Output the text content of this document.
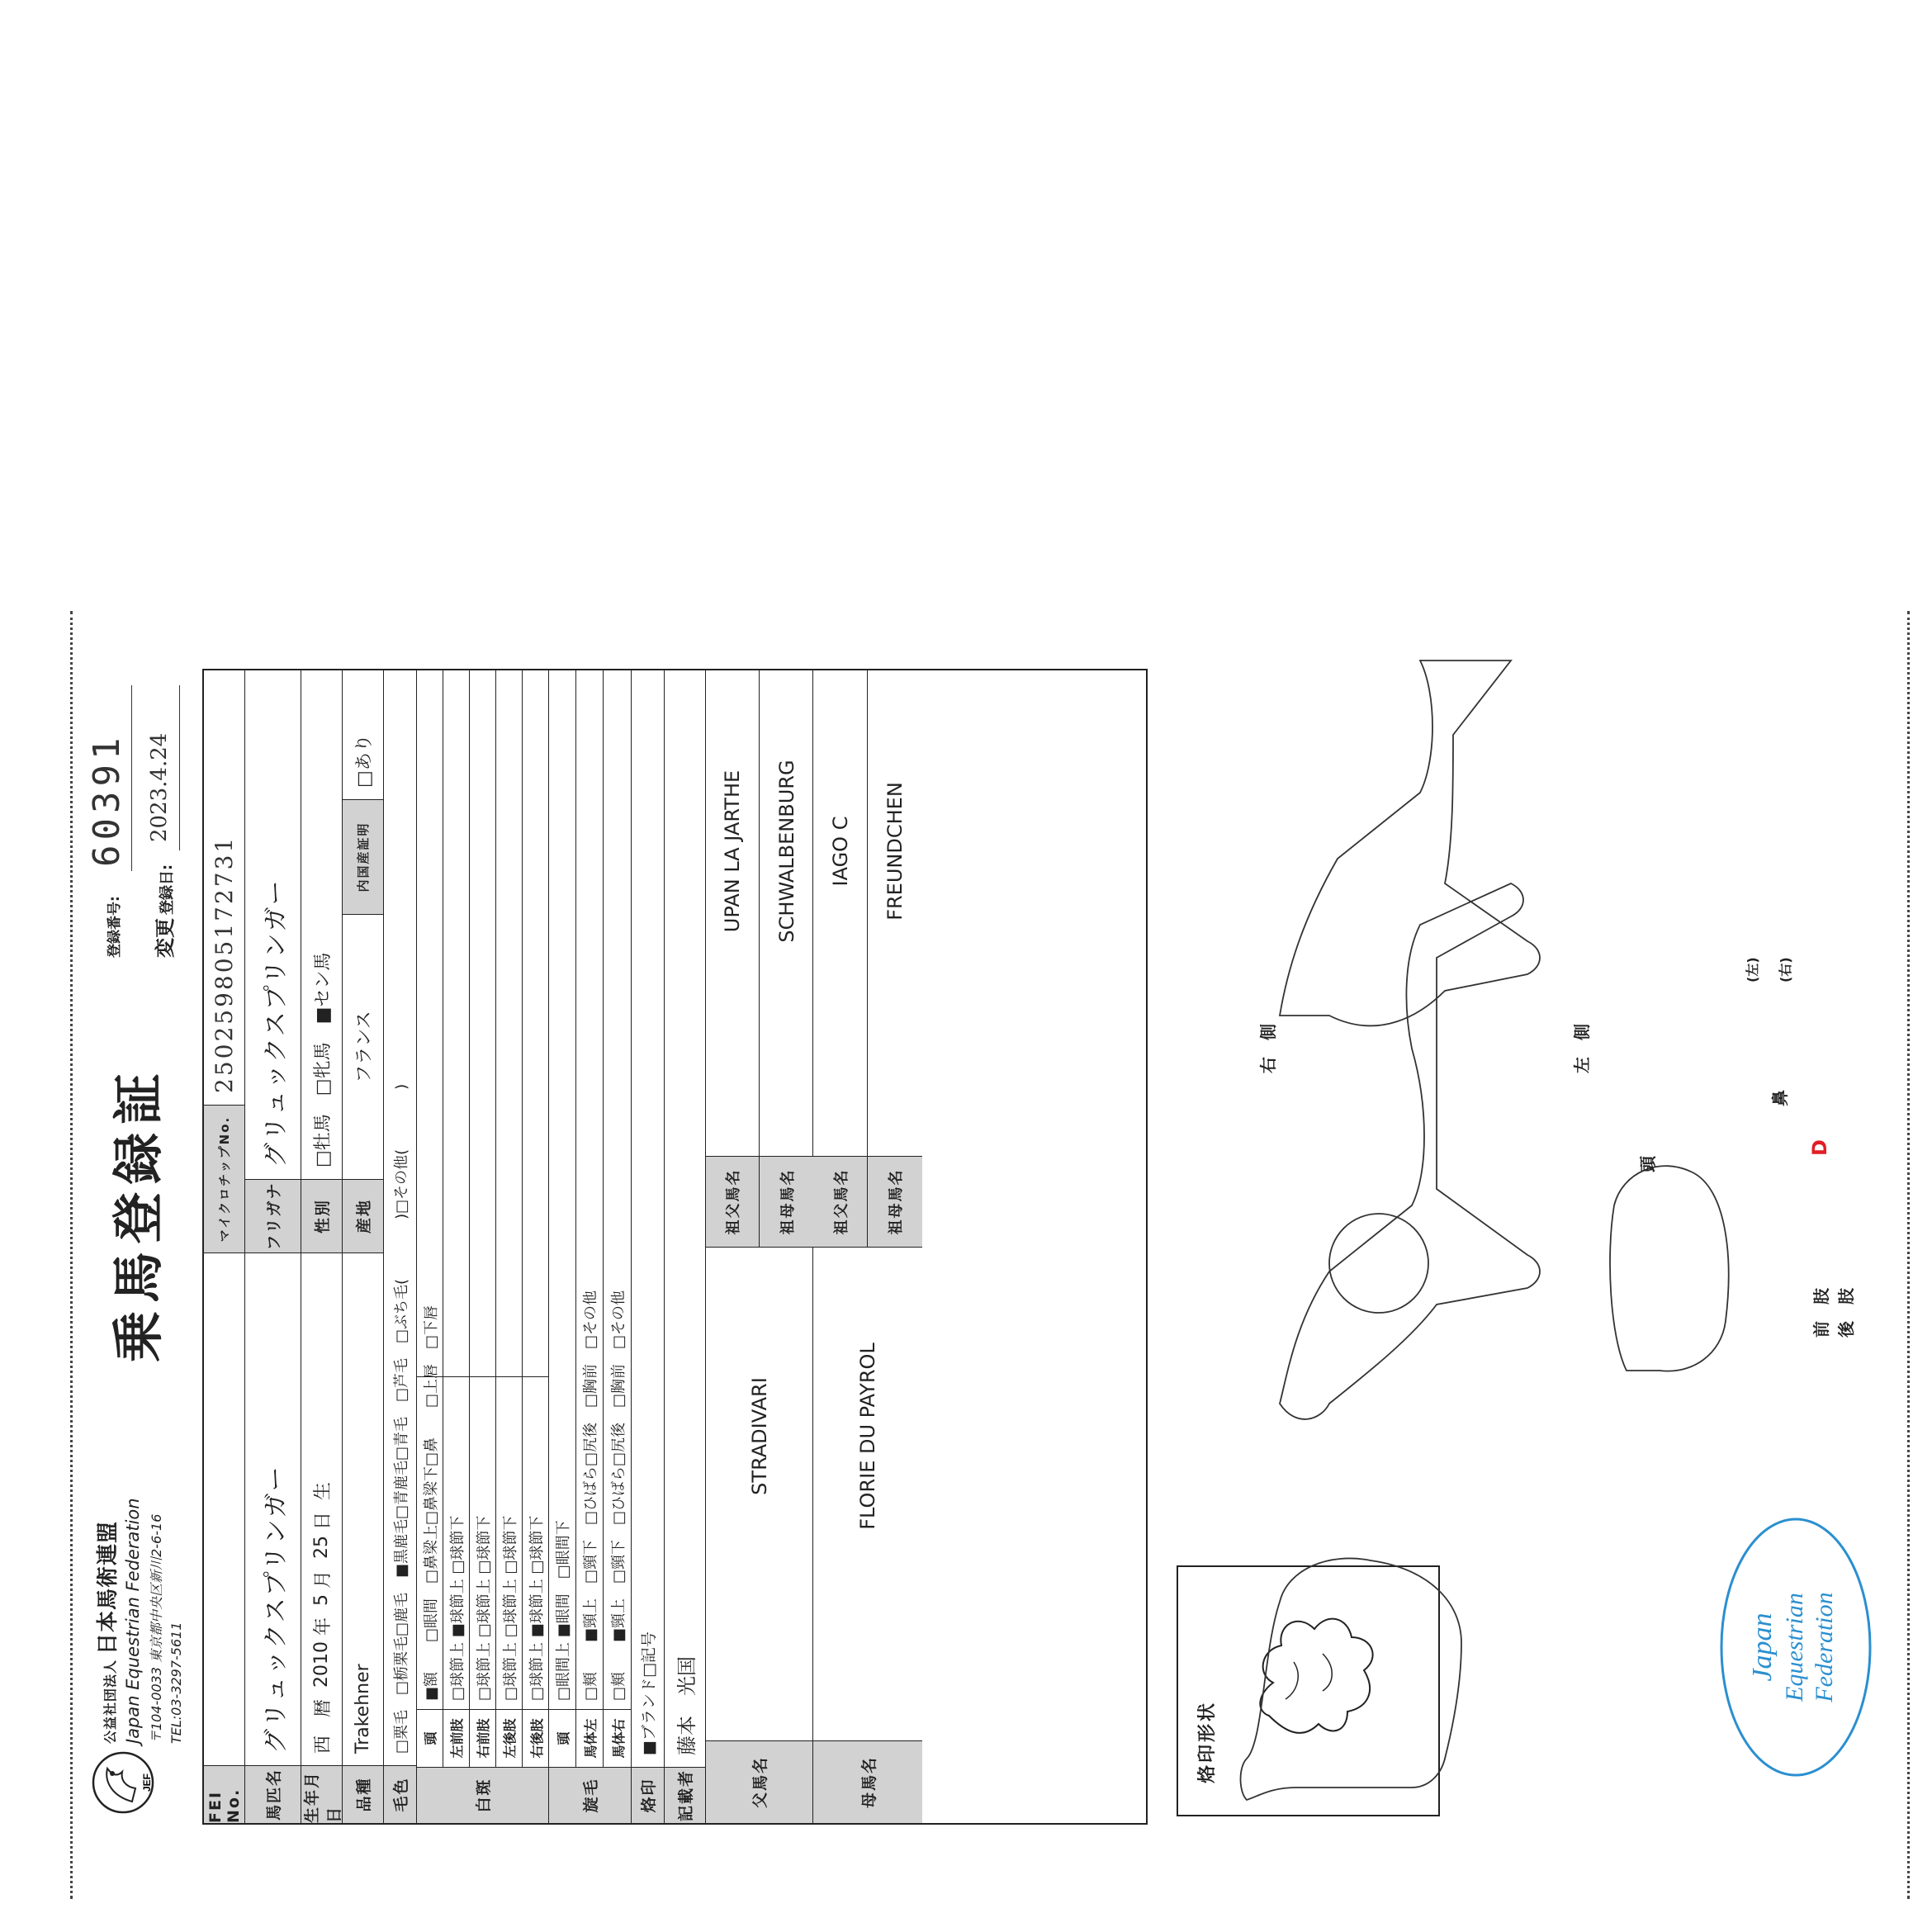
JEF
公益社団法人日本馬術連盟 Japan Equestrian Federation 〒104-0033 東京都中央区新川2-6-16 TEL:03-3297-5611
乗馬登録証
登録番号:
60391
変更登録日:
2023.4.24
FEI No.
マイクロチップNo.
250259805172731
馬匹名
グリュックスプリンガー
フリガナ
グリュックスプリンガー
生年月日
西　暦

2010

年

5

月

25

日

生
性別
□牡馬　□牝馬　■セン馬
品種
Trakehner
産地
フランス
内国産証明
□あり
毛色
□栗毛　□栃栗毛□鹿毛　■黒鹿毛□青鹿毛□青毛　□芦毛　□ぶち毛(　　　　)□その他(　　　　)
白斑
頭
■額　　□眼間　□鼻梁上□鼻梁下□鼻　　□上唇　□下唇
左前肢
□球節上 ■球節上 □球節下
右前肢
□球節上 □球節上 □球節下
左後肢
□球節上 □球節上 □球節下
右後肢
□球節上 ■球節上 □球節下
旋毛
頭
□眼間上 ■眼間　□眼間下
馬体左
□頬　　■頸上　□頸下　□ひばら□尻後　□胸前　□その他
馬体右
□頬　　■頸上　□頸下　□ひばら□尻後　□胸前　□その他
烙印
■ブランド□記号
記載者
藤本　光国
父馬名
STRADIVARI
祖父馬名
UPAN LA JARTHE
祖母馬名
SCHWALBENBURG
母馬名
FLORIE DU PAYROL
祖父馬名
IAGO C
祖母馬名
FREUNDCHEN
烙印形状
右　側	左　側
頭
鼻
前　肢 後　肢
D
(左) (右)
Japan Equestrian Federation
